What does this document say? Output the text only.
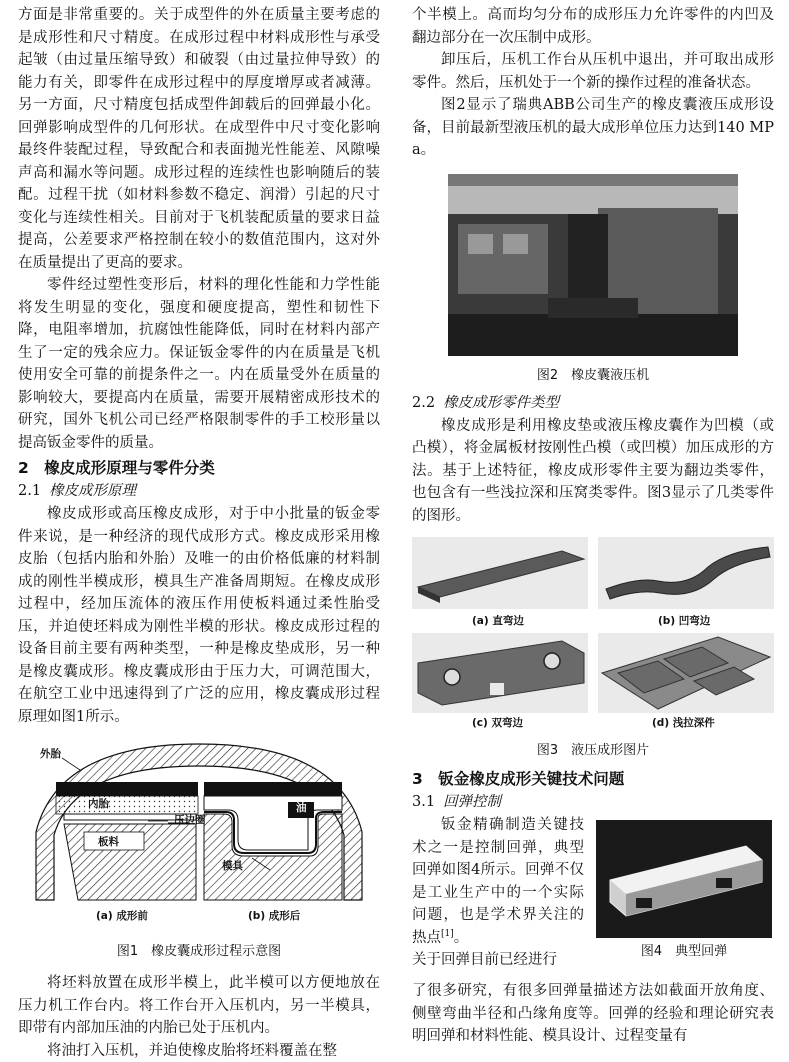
方面是非常重要的。关于成型件的外在质量主要考虑的是成形性和尺寸精度。在成形过程中材料成形性与承受起皱（由过量压缩导致）和破裂（由过量拉伸导致）的能力有关，即零件在成形过程中的厚度增厚或者减薄。另一方面，尺寸精度包括成型件卸载后的回弹最小化。回弹影响成型件的几何形状。在成型件中尺寸变化影响最终件装配过程，导致配合和表面抛光性能差、风隙噪声高和漏水等问题。成形过程的连续性也影响随后的装配。过程干扰（如材料参数不稳定、润滑）引起的尺寸变化与连续性相关。目前对于飞机装配质量的要求日益提高，公差要求严格控制在较小的数值范围内，这对外在质量提出了更高的要求。

零件经过塑性变形后，材料的理化性能和力学性能将发生明显的变化，强度和硬度提高，塑性和韧性下降，电阻率增加，抗腐蚀性能降低，同时在材料内部产生了一定的残余应力。保证钣金零件的内在质量是飞机使用安全可靠的前提条件之一。内在质量受外在质量的影响较大，要提高内在质量，需要开展精密成形技术的研究，国外飞机公司已经严格限制零件的手工校形量以提高钣金零件的质量。

2　橡皮成形原理与零件分类
2.1 橡皮成形原理

橡皮成形或高压橡皮成形，对于中小批量的钣金零件来说，是一种经济的现代成形方式。橡皮成形采用橡皮胎（包括内胎和外胎）及唯一的由价格低廉的材料制成的刚性半模成形，模具生产准备周期短。在橡皮成形过程中，经加压流体的液压作用使板料通过柔性胎受压，并迫使坯料成为刚性半模的形状。橡皮成形过程的设备目前主要有两种类型，一种是橡皮垫成形，另一种是橡皮囊成形。橡皮囊成形由于压力大，可调范围大，在航空工业中迅速得到了广泛的应用，橡皮囊成形过程原理如图1所示。

外胎
内胎
压边圈
板料
油
模具
(a) 成形前	(b) 成形后
图1　橡皮囊成形过程示意图

将坯料放置在成形半模上，此半模可以方便地放在压力机工作台内。将工作台开入压机内，另一半模具，即带有内部加压油的内胎已处于压机内。

将油打入压机，并迫使橡皮胎将坯料覆盖在整

个半模上。高而均匀分布的成形压力允许零件的内凹及翻边部分在一次压制中成形。

卸压后，压机工作台从压机中退出，并可取出成形零件。然后，压机处于一个新的操作过程的准备状态。

图2显示了瑞典ABB公司生产的橡皮囊液压成形设备，目前最新型液压机的最大成形单位压力达到140 MPa。

图2　橡皮囊液压机
2.2 橡皮成形零件类型

橡皮成形是利用橡皮垫或液压橡皮囊作为凹模（或凸模），将金属板材按刚性凸模（或凹模）加压成形的方法。基于上述特征，橡皮成形零件主要为翻边类零件，也包含有一些浅拉深和压窝类零件。图3显示了几类零件的图形。

(a) 直弯边	(b) 凹弯边
(c) 双弯边	(d) 浅拉深件
图3　液压成形图片
3　钣金橡皮成形关键技术问题
3.1 回弹控制

钣金精确制造关键技术之一是控制回弹，典型回弹如图4所示。回弹不仅是工业生产中的一个实际问题，也是学术界关注的热点[1]。

关于回弹目前已经进行

图4　典型回弹

了很多研究，有很多回弹量描述方法如截面开放角度、侧壁弯曲半径和凸缘角度等。回弹的经验和理论研究表明回弹和材料性能、模具设计、过程变量有
